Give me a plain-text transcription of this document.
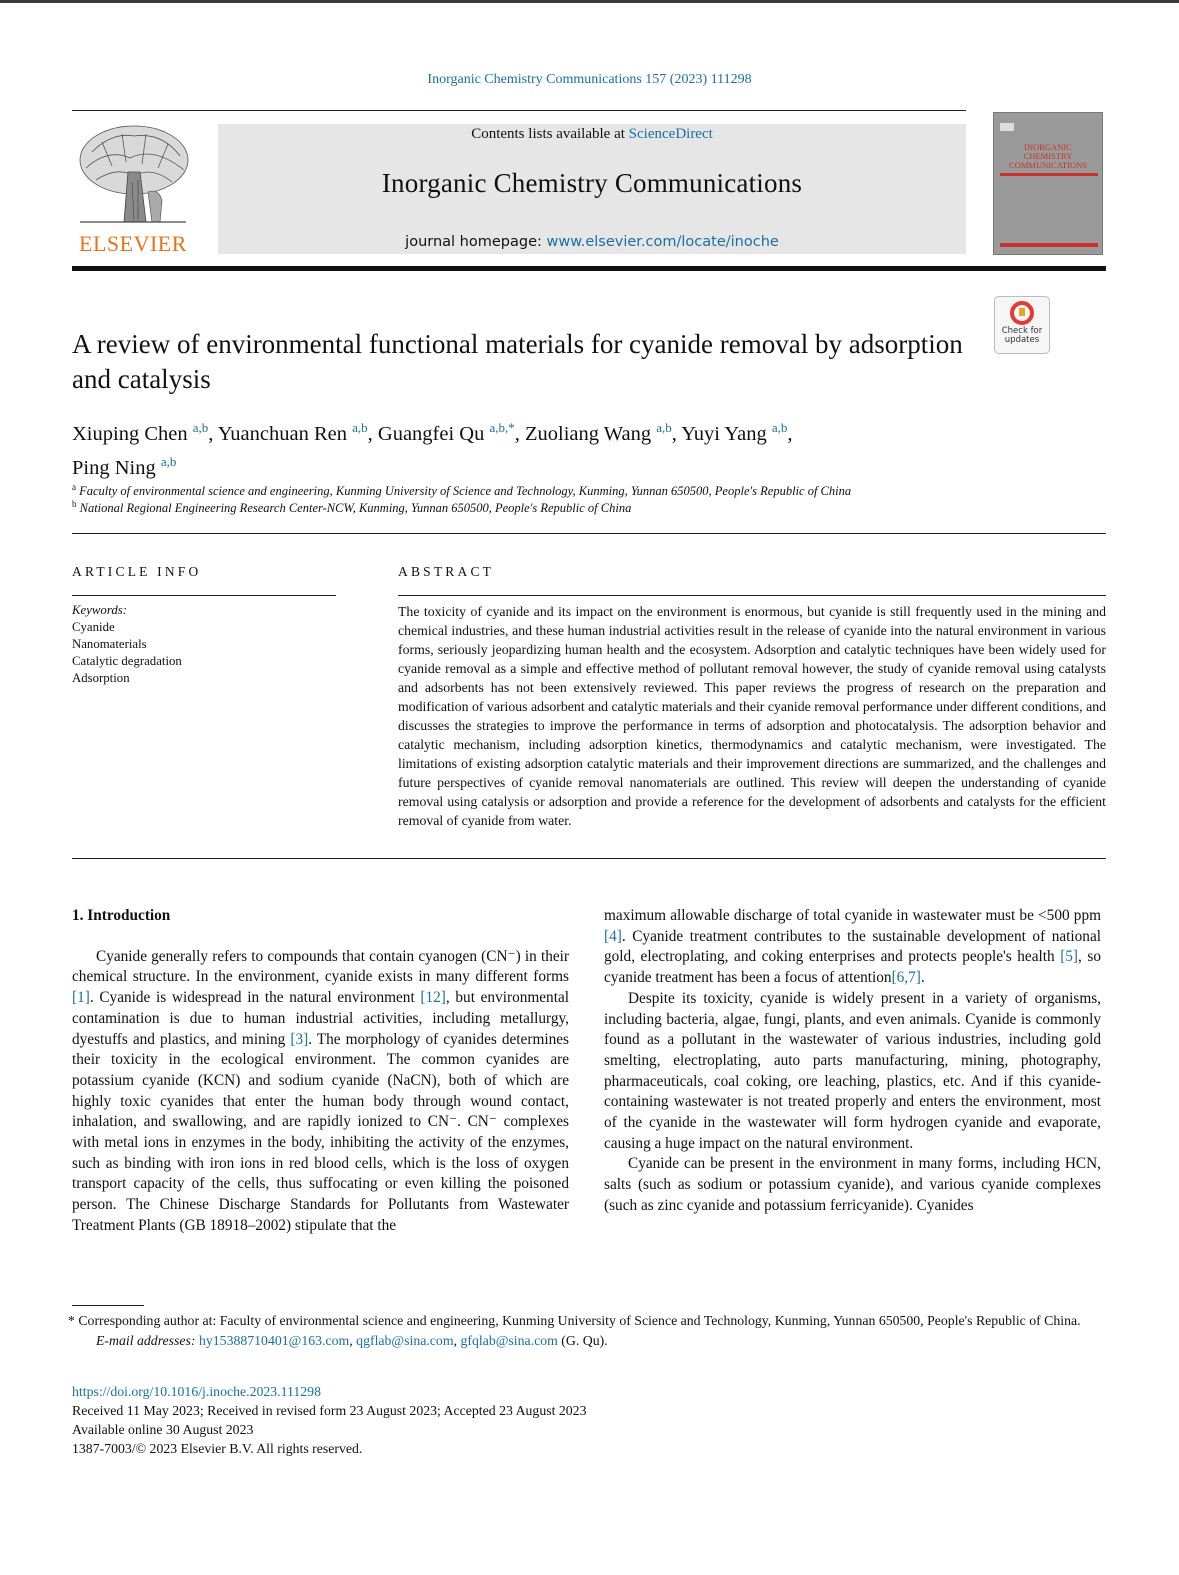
Inorganic Chemistry Communications 157 (2023) 111298
ELSEVIER
Contents lists available at ScienceDirect
Inorganic Chemistry Communications
journal homepage: www.elsevier.com/locate/inoche
INORGANIC
CHEMISTRY
COMMUNICATIONS
Check for
updates
A review of environmental functional materials for cyanide removal by adsorption and catalysis
Xiuping Chen $^{a,b}$, Yuanchuan Ren $^{a,b}$, Guangfei Qu $^{a,b,*}$, Zuoliang Wang $^{a,b}$, Yuyi Yang $^{a,b}$,
Ping Ning $^{a,b}$
$^a$ Faculty of environmental science and engineering, Kunming University of Science and Technology, Kunming, Yunnan 650500, People's Republic of China
$^b$ National Regional Engineering Research Center-NCW, Kunming, Yunnan 650500, People's Republic of China
ARTICLE INFO	ABSTRACT
Keywords:
Cyanide
Nanomaterials
Catalytic degradation
Adsorption
The toxicity of cyanide and its impact on the environment is enormous, but cyanide is still frequently used in the mining and chemical industries, and these human industrial activities result in the release of cyanide into the natural environment in various forms, seriously jeopardizing human health and the ecosystem. Adsorption and catalytic techniques have been widely used for cyanide removal as a simple and effective method of pollutant removal however, the study of cyanide removal using catalysts and adsorbents has not been extensively reviewed. This paper reviews the progress of research on the preparation and modification of various adsorbent and catalytic materials and their cyanide removal performance under different conditions, and discusses the strategies to improve the performance in terms of adsorption and photocatalysis. The adsorption behavior and catalytic mechanism, including adsorption kinetics, thermodynamics and catalytic mechanism, were investigated. The limitations of existing adsorption catalytic materials and their improvement directions are summarized, and the challenges and future perspectives of cyanide removal nanomaterials are outlined. This review will deepen the understanding of cyanide removal using catalysis or adsorption and provide a reference for the development of adsorbents and catalysts for the efficient removal of cyanide from water.
1. Introduction

Cyanide generally refers to compounds that contain cyanogen (CN⁻) in their chemical structure. In the environment, cyanide exists in many different forms [1]. Cyanide is widespread in the natural environment [12], but environmental contamination is due to human industrial activities, including metallurgy, dyestuffs and plastics, and mining [3]. The morphology of cyanides determines their toxicity in the ecological environment. The common cyanides are potassium cyanide (KCN) and sodium cyanide (NaCN), both of which are highly toxic cyanides that enter the human body through wound contact, inhalation, and swallowing, and are rapidly ionized to CN⁻. CN⁻ complexes with metal ions in enzymes in the body, inhibiting the activity of the enzymes, such as binding with iron ions in red blood cells, which is the loss of oxygen transport capacity of the cells, thus suffocating or even killing the poisoned person. The Chinese Discharge Standards for Pollutants from Wastewater Treatment Plants (GB 18918–2002) stipulate that the

maximum allowable discharge of total cyanide in wastewater must be <500 ppm [4]. Cyanide treatment contributes to the sustainable development of national gold, electroplating, and coking enterprises and protects people's health [5], so cyanide treatment has been a focus of attention[6,7].

Despite its toxicity, cyanide is widely present in a variety of organisms, including bacteria, algae, fungi, plants, and even animals. Cyanide is commonly found as a pollutant in the wastewater of various industries, including gold smelting, electroplating, auto parts manufacturing, mining, photography, pharmaceuticals, coal coking, ore leaching, plastics, etc. And if this cyanide-containing wastewater is not treated properly and enters the environment, most of the cyanide in the wastewater will form hydrogen cyanide and evaporate, causing a huge impact on the natural environment.

Cyanide can be present in the environment in many forms, including HCN, salts (such as sodium or potassium cyanide), and various cyanide complexes (such as zinc cyanide and potassium ferricyanide). Cyanides

* Corresponding author at: Faculty of environmental science and engineering, Kunming University of Science and Technology, Kunming, Yunnan 650500, People's Republic of China.
E-mail addresses: hy15388710401@163.com, qgflab@sina.com, gfqlab@sina.com (G. Qu).
https://doi.org/10.1016/j.inoche.2023.111298
Received 11 May 2023; Received in revised form 23 August 2023; Accepted 23 August 2023
Available online 30 August 2023
1387-7003/© 2023 Elsevier B.V. All rights reserved.
